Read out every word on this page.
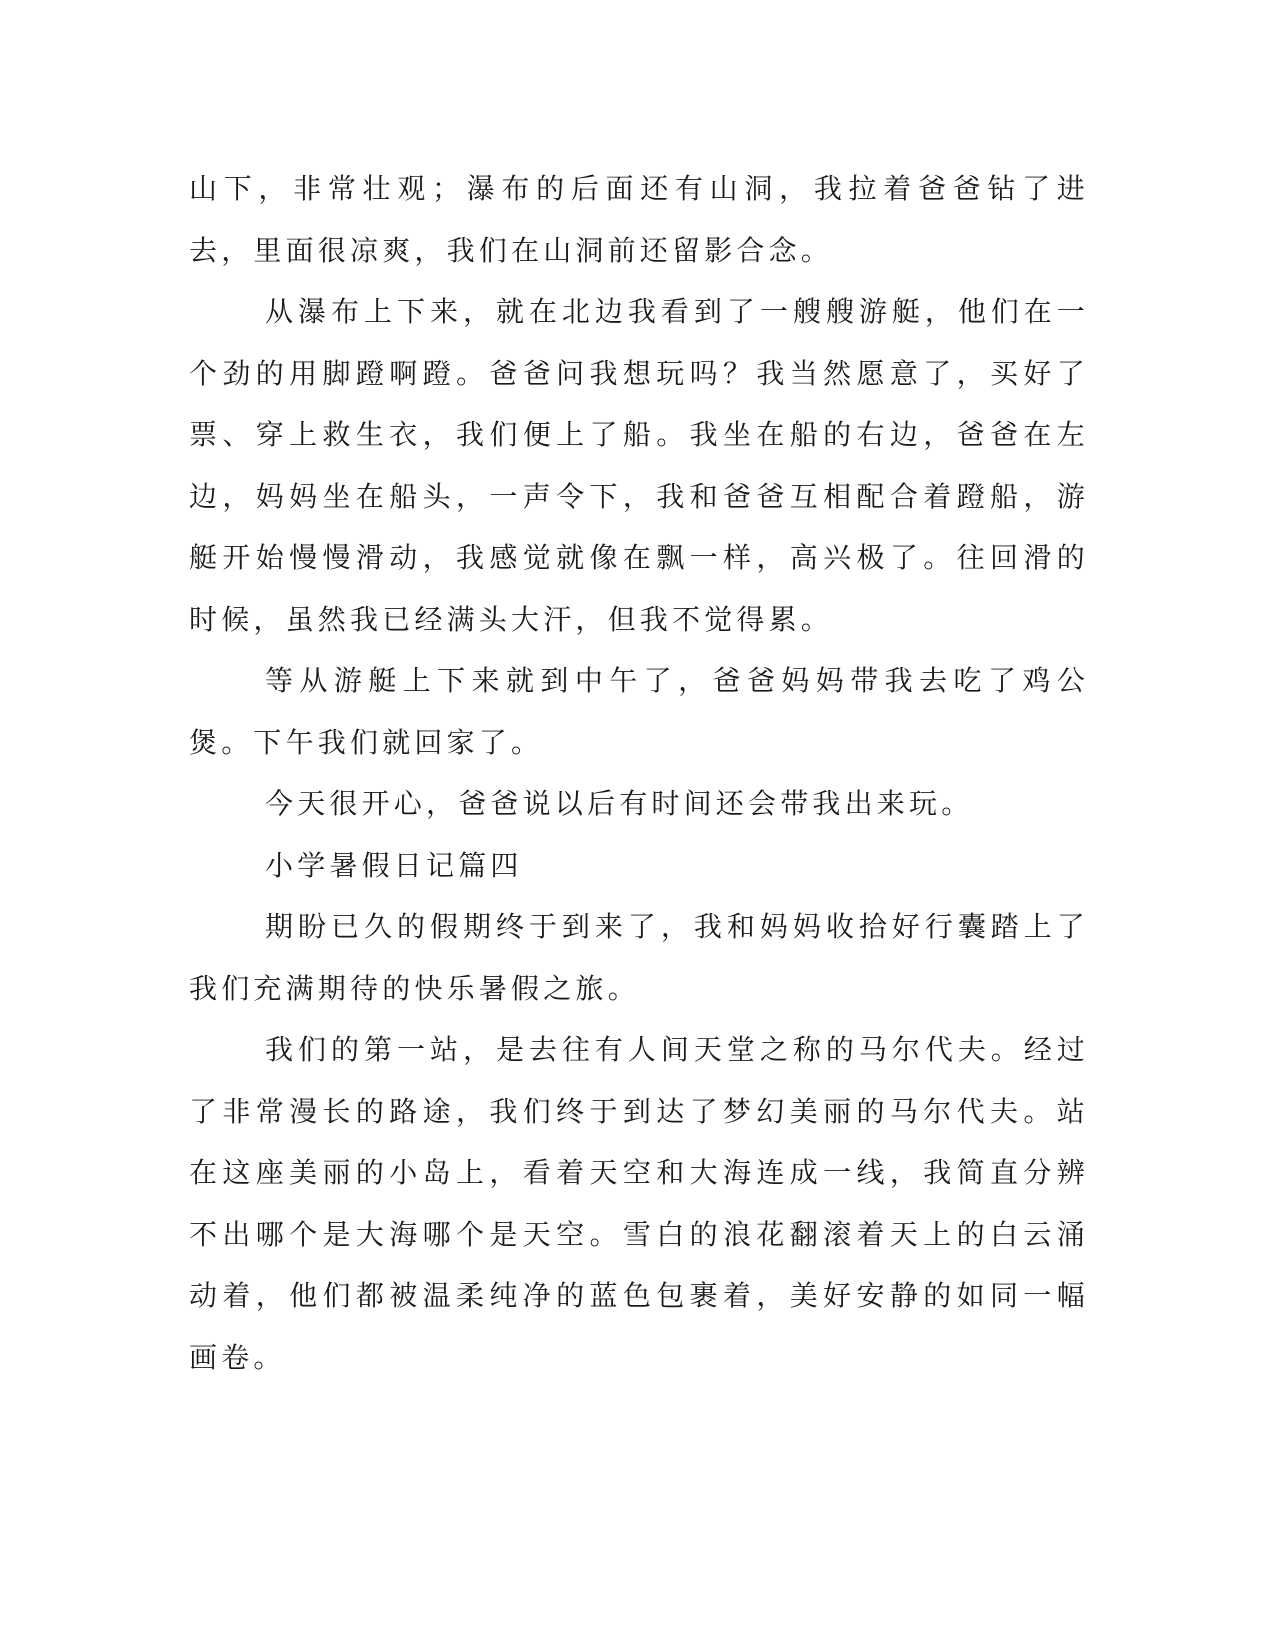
山下，非常壮观；瀑布的后面还有山洞，我拉着爸爸钻了进去，里面很凉爽，我们在山洞前还留影合念。

从瀑布上下来，就在北边我看到了一艘艘游艇，他们在一个劲的用脚蹬啊蹬。爸爸问我想玩吗？我当然愿意了，买好了票、穿上救生衣，我们便上了船。我坐在船的右边，爸爸在左边，妈妈坐在船头，一声令下，我和爸爸互相配合着蹬船，游艇开始慢慢滑动，我感觉就像在飘一样，高兴极了。往回滑的时候，虽然我已经满头大汗，但我不觉得累。

等从游艇上下来就到中午了，爸爸妈妈带我去吃了鸡公煲。下午我们就回家了。

今天很开心，爸爸说以后有时间还会带我出来玩。

小学暑假日记篇四

期盼已久的假期终于到来了，我和妈妈收拾好行囊踏上了我们充满期待的快乐暑假之旅。

我们的第一站，是去往有人间天堂之称的马尔代夫。经过了非常漫长的路途，我们终于到达了梦幻美丽的马尔代夫。站在这座美丽的小岛上，看着天空和大海连成一线，我简直分辨不出哪个是大海哪个是天空。雪白的浪花翻滚着天上的白云涌动着，他们都被温柔纯净的蓝色包裹着，美好安静的如同一幅画卷。
